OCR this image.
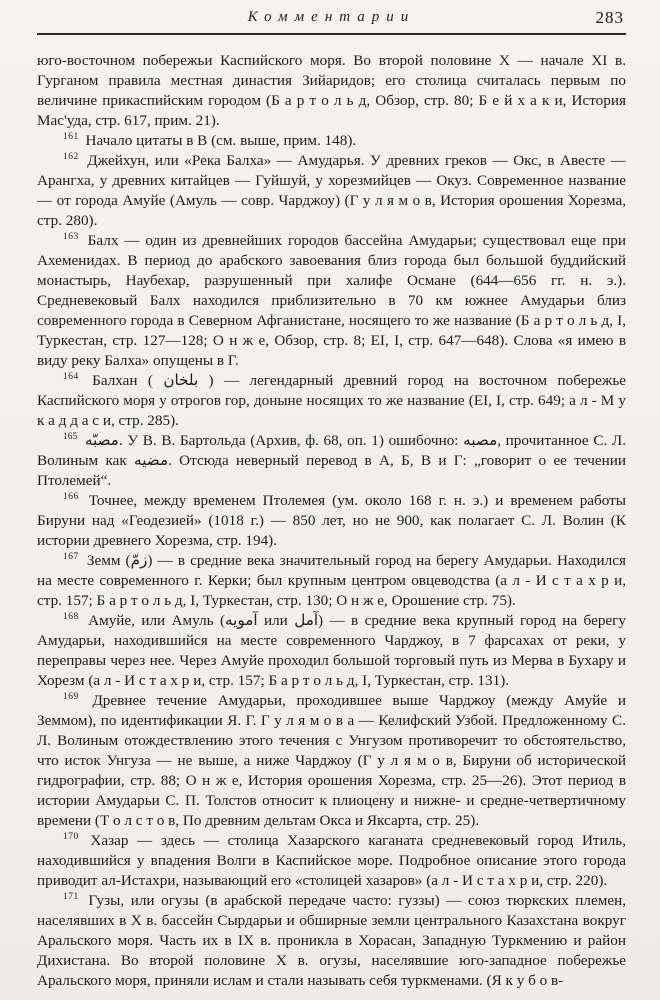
Комментарии	283

юго-восточном побережьи Каспийского моря. Во второй половине X — начале XI в. Гурганом правила местная династия Зийаридов; его столица считалась первым по величине прикаспийским городом (Б а р т о л ь д, Обзор, стр. 80; Б е й х а к и, История Мас'уда, стр. 617, прим. 21).

$^{161}$ Начало цитаты в В (см. выше, прим. 148).

$^{162}$ Джейхун, или «Река Балха» — Амударья. У древних греков — Окс, в Авесте — Арангха, у древних китайцев — Гуйшуй, у хорезмийцев — Окуз. Современное название — от города Амуйе (Амуль — совр. Чарджоу) (Г у л я м о в, История орошения Хорезма, стр. 280).

$^{163}$ Балх — один из древнейших городов бассейна Амударьи; существовал еще при Ахеменидах. В период до арабского завоевания близ города был большой буддийский монастырь, Наубехар, разрушенный при халифе Османе (644—656 гг. н. э.). Средневековый Балх находился приблизительно в 70 км южнее Амударьи близ современного города в Северном Афганистане, носящего то же название (Б а р т о л ь д, I, Туркестан, стр. 127—128; О н ж е, Обзор, стр. 8; EI, I, стр. 647—648). Слова «я имею в виду реку Балха» опущены в Г.

$^{164}$ Балхан ( بلخان ) — легендарный древний город на восточном побережье Каспийского моря у отрогов гор, доныне носящих то же название (EI, I, стр. 649; а л - М у к а д д а с и, стр. 285).

$^{165}$ مصبّه. У В. В. Бартольда (Архив, ф. 68, оп. 1) ошибочно: مصبه, прочитанное С. Л. Волиным как مضيه. Отсюда неверный перевод в А, Б, В и Г: „говорит о ее течении Птолемей“.

$^{166}$ Точнее, между временем Птолемея (ум. около 168 г. н. э.) и временем работы Бируни над «Геодезией» (1018 г.) — 850 лет, но не 900, как полагает С. Л. Волин (К истории древнего Хорезма, стр. 194).

$^{167}$ Земм (زمّ) — в средние века значительный город на берегу Амударьи. Находился на месте современного г. Керки; был крупным центром овцеводства (а л - И с т а х р и, стр. 157; Б а р т о л ь д, I, Туркестан, стр. 130; О н ж е, Орошение стр. 75).

$^{168}$ Амуйе, или Амуль (آمويه или آمل) — в средние века крупный город на берегу Амударьи, находившийся на месте современного Чарджоу, в 7 фарсахах от реки, у переправы через нее. Через Амуйе проходил большой торговый путь из Мерва в Бухару и Хорезм (а л - И с т а х р и, стр. 157; Б а р т о л ь д, I, Туркестан, стр. 131).

$^{169}$ Древнее течение Амударьи, проходившее выше Чарджоу (между Амуйе и Земмом), по идентификации Я. Г. Г у л я м о в а — Келифский Узбой. Предложенному С. Л. Волиным отождествлению этого течения с Унгузом противоречит то обстоятельство, что исток Унгуза — не выше, а ниже Чарджоу (Г у л я м о в, Бируни об исторической гидрографии, стр. 88; О н ж е, История орошения Хорезма, стр. 25—26). Этот период в истории Амударьи С. П. Толстов относит к плиоцену и нижне- и средне-четвертичному времени (Т о л с т о в, По древним дельтам Окса и Яксарта, стр. 25).

$^{170}$ Хазар — здесь — столица Хазарского каганата средневековый город Итиль, находившийся у впадения Волги в Каспийское море. Подробное описание этого города приводит ал-Истахри, называющий его «столицей хазаров» (а л - И с т а х р и, стр. 220).

$^{171}$ Гузы, или огузы (в арабской передаче часто: гуззы) — союз тюркских племен, населявших в X в. бассейн Сырдарьи и обширные земли центрального Казахстана вокруг Аральского моря. Часть их в IX в. проникла в Хорасан, Западную Туркмению и район Дихистана. Во второй половине X в. огузы, населявшие юго-западное побережье Аральского моря, приняли ислам и стали называть себя туркменами. (Я к у б о в-
